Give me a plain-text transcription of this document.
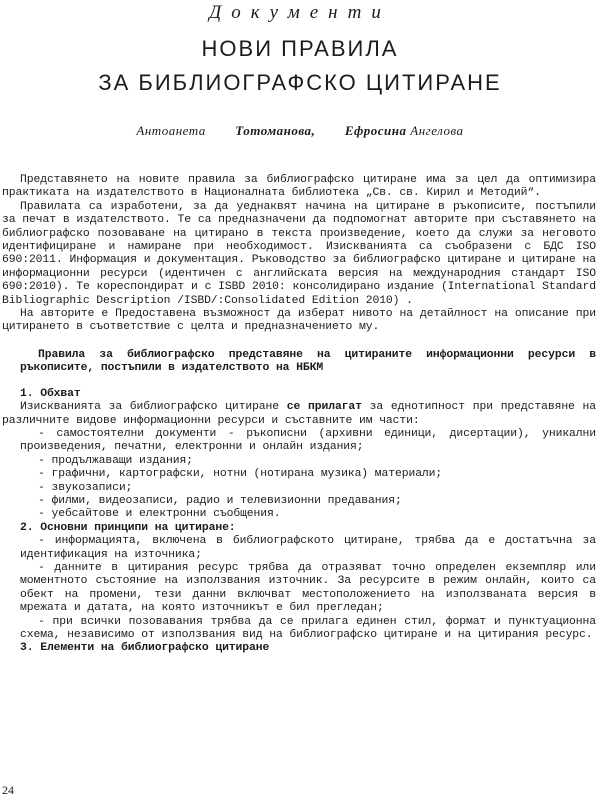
Документи
НОВИ ПРАВИЛА
ЗА БИБЛИОГРАФСКО ЦИТИРАНЕ
Антоанета Тотоманова, Ефросина Ангелова

Представянето на новите правила за библиографско цитиране има за цел да оптимизира практиката на издателството в Националната библиотека „Св. св. Кирил и Методий“.

Правилата са изработени, за да уеднаквят начина на цитиране в ръкописите, постъпили за печат в издателството. Те са предназначени да подпомогнат авторите при съставянето на библиографско позоваване на цитирано в текста произведение, което да служи за неговото идентифициране и намиране при необходимост. Изискванията са съобразени с БДС ISO 690:2011. Информация и документация. Ръководство за библиографско цитиране и цитиране на информационни ресурси (идентичен с английската версия на международния стандарт ISO 690:2010). Те кореспондират и с ISBD 2010: консолидирано издание (International Standard Bibliographic Description /ISBD/:Consolidated Edition 2010) .

На авторите е Предоставена възможност да изберат нивото на детайлност на описание при цитирането в съответствие с целта и предназначението му.

Правила за библиографско представяне на цитираните информационни ресурси в ръкописите, постъпили в издателството на НБКМ

1. Обхват

Изискванията за библиографско цитиране се прилагат за еднотипност при представяне на различните видове информационни ресурси и съставните им части:

- самостоятелни документи - ръкописни (архивни единици, дисертации), уникални произведения, печатни, електронни и онлайн издания;

- продължаващи издания;

- графични, картографски, нотни (нотирана музика) материали;

- звукозаписи;

- филми, видеозаписи, радио и телевизионни предавания;

- уебсайтове и електронни съобщения.

2. Основни принципи на цитиране:

- информацията, включена в библиографското цитиране, трябва да е достатъчна за идентификация на източника;

- данните в цитирания ресурс трябва да отразяват точно определен екземпляр или моментното състояние на използвания източник. За ресурсите в режим онлайн, които са обект на промени, тези данни включват местоположението на използваната версия в мрежата и датата, на която източникът е бил прегледан;

- при всички позовавания трябва да се прилага единен стил, формат и пунктуационна схема, независимо от използвания вид на библиографско цитиране и на цитирания ресурс.

3. Елементи на библиографско цитиране
24
